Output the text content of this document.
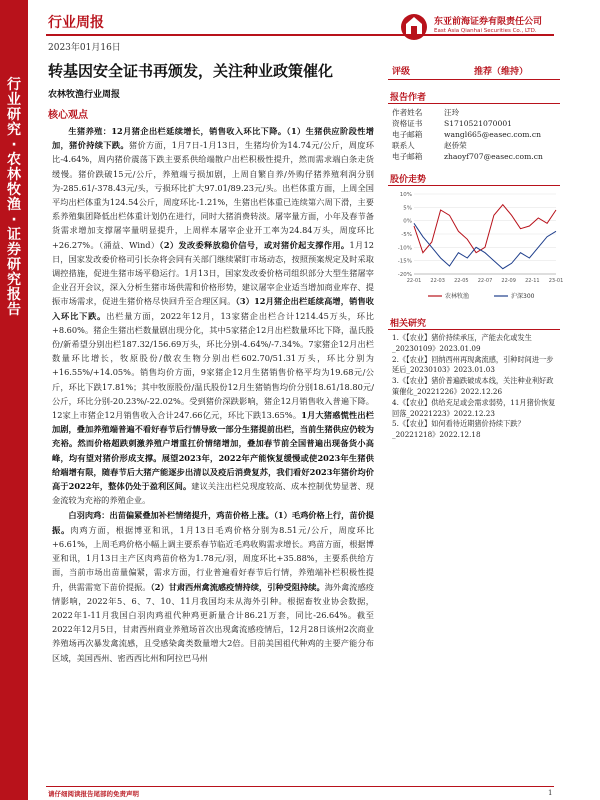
行业研究·农林牧渔·证券研究报告
行业周报
2023年01月16日
东亚前海证券有限责任公司
East Asia Qianhai Securities Co., LTD.
转基因安全证书再颁发，关注种业政策催化
农林牧渔行业周报
核心观点

生猪养殖：12月猪企出栏延续增长，销售收入环比下降。（1）生猪供应阶段性增加，猪价持续下跌。猪价方面，1月7日-1月13日，生猪均价为14.74元/公斤，周度环比-4.64%，周内猪价震荡下跌主要系供给端散户出栏积极性提升，然而需求端白条走货缓慢。猪价跌破15元/公斤，养殖端亏损加剧，上周自繁自养/外购仔猪养殖利润分别为-285.61/-378.43元/头，亏损环比扩大97.01/89.23元/头。出栏体重方面，上周全国平均出栏体重为124.54公斤，周度环比-1.21%，生猪出栏体重已连续第六周下滑，主要系养殖集团降低出栏体重计划仍在进行，同时大猪消费转淡。屠宰量方面，小年及春节备货需求增加支撑屠宰量明显提升，上周样本屠宰企业开工率为24.84万头，周度环比+26.27%。（涌益、Wind）（2）发改委释放稳价信号，或对猪价起支撑作用。1月12日，国家发改委价格司引长杂将会同有关部门继续紧盯市场动态，按照预案规定及时采取调控措施，促进生猪市场平稳运行。1月13日，国家发改委价格司组织部分大型生猪屠宰企业召开会议，深入分析生猪市场供需和价格形势，建议屠宰企业适当增加商业库存、提振市场需求，促进生猪价格尽快回升至合理区间。（3）12月猪企出栏延续高增，销售收入环比下跌。出栏量方面，2022年12月，13家猪企出栏合计1214.45万头，环比+8.60%。猪企生猪出栏数量剧出现分化，其中5家猪企12月出栏数量环比下降，温氏股份/新希望分别出栏187.32/156.69万头，环比分别-4.64%/-7.34%。7家猪企12月出栏数量环比增长，牧原股份/傲农生物分别出栏602.70/51.31万头，环比分别为+16.55%/+14.05%。销售均价方面，9家猪企12月生猪销售价格平均为19.68元/公斤，环比下跌17.81%；其中牧原股份/温氏股份12月生猪销售均价分别18.61/18.80元/公斤，环比分别-20.23%/-22.02%。受到猪价深跌影响，猪企12月销售收入普遍下降。12家上市猪企12月销售收入合计247.66亿元，环比下跌13.65%。1月大猪惑慌性出栏加剧，叠加养殖端普遍不看好春节后行情导致一部分生猪提前出栏，当前生猪供应仍较为充裕。然而价格超跌刺激养殖户增重扛价情绪增加，叠加春节前全国普遍出现备货小高峰，均有望对猪价形成支撑。展望2023年，2022年产能恢复缓慢或使2023年生猪供给端增有限，随春节后大猪产能逐步出清以及疫后消费复苏，我们看好2023年猪价均价高于2022年，整体仍处于盈利区间。建议关注出栏兑现度较高、成本控制优势显著、现金流较为充裕的养殖企业。

白羽肉鸡：出苗偏紧叠加补栏情绪提升，鸡苗价格上涨。（1）毛鸡价格上行，苗价提振。肉鸡方面，根据博亚和讯，1月13日毛鸡价格分别为8.51元/公斤，周度环比+6.61%，上周毛鸡价格小幅上调主要系春节临近毛鸡收购需求增长。鸡苗方面，根据博亚和讯，1月13日主产区肉鸡苗价格为1.78元/羽，周度环比+35.88%，主要系供给方面，当前市场出苗量偏紧，需求方面，行业普遍看好春节后行情，养殖端补栏积极性提升，供需需宽下苗价提振。（2）甘肃西州禽流感疫情持续，引种受阻持续。海外禽流感疫情影响，2022年5、6、7、10、11月我国均未从海外引种。根据畜牧业协会数据，2022年1-11月我国白羽肉鸡祖代种鸡更新量合计86.21万套，同比-26.64%。截至2022年12月5日，甘肃西州商业养殖场首次出现禽流感疫情后，12月28日该州2次商业养殖场再次暴发禽流感，且受感染禽类数量增大2倍。目前美国祖代种鸡的主要产能分布区域，美国西州、密西西比州和阿拉巴马州

评级	推荐（维持）
报告作者
作者姓名	汪玲
资格证书	S1710521070001
电子邮箱	wangl665@easec.com.cn
联系人	赵侨荣
电子邮箱	zhaoyf707@easec.com.cn
股价走势
10%
5%
0%
-5%
-10%
-15%
-20%
22-01 22-03 22-05 22-07 22-09 22-11 23-01
农林牧渔	沪深300
相关研究
1.《【农业】猪价持续承压，产能去化或发生_20230109》2023.01.09
2.《【农业】回纳西州再现禽流感，引种时间进一步延后_20230103》2023.01.03
3.《【农业】猪价普遍跌破成本线，关注种业利好政策催化_20221226》2022.12.26
4.《【农业】供给充足或会需求弱势，11月猪价恢复回落_20221223》2022.12.23
5.《【农业】如何看待近期猪价持续下跌？_20221218》2022.12.18
请仔细阅读报告尾部的免责声明	1
